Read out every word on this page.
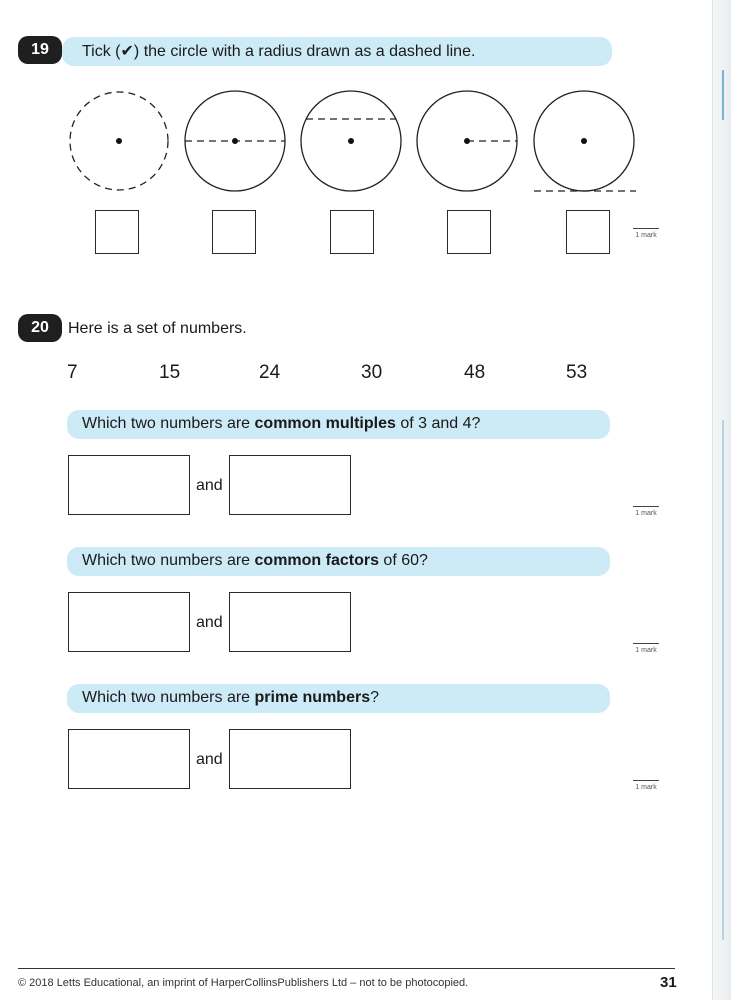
19	Tick (✔) the circle with a radius drawn as a dashed line.
1 mark
20	Here is a set of numbers.
7	15	24	30	48	53
Which two numbers are common multiples of 3 and 4?
and
1 mark
Which two numbers are common factors of 60?
and
1 mark
Which two numbers are prime numbers?
and
1 mark
© 2018 Letts Educational, an imprint of HarperCollinsPublishers Ltd – not to be photocopied.	31
